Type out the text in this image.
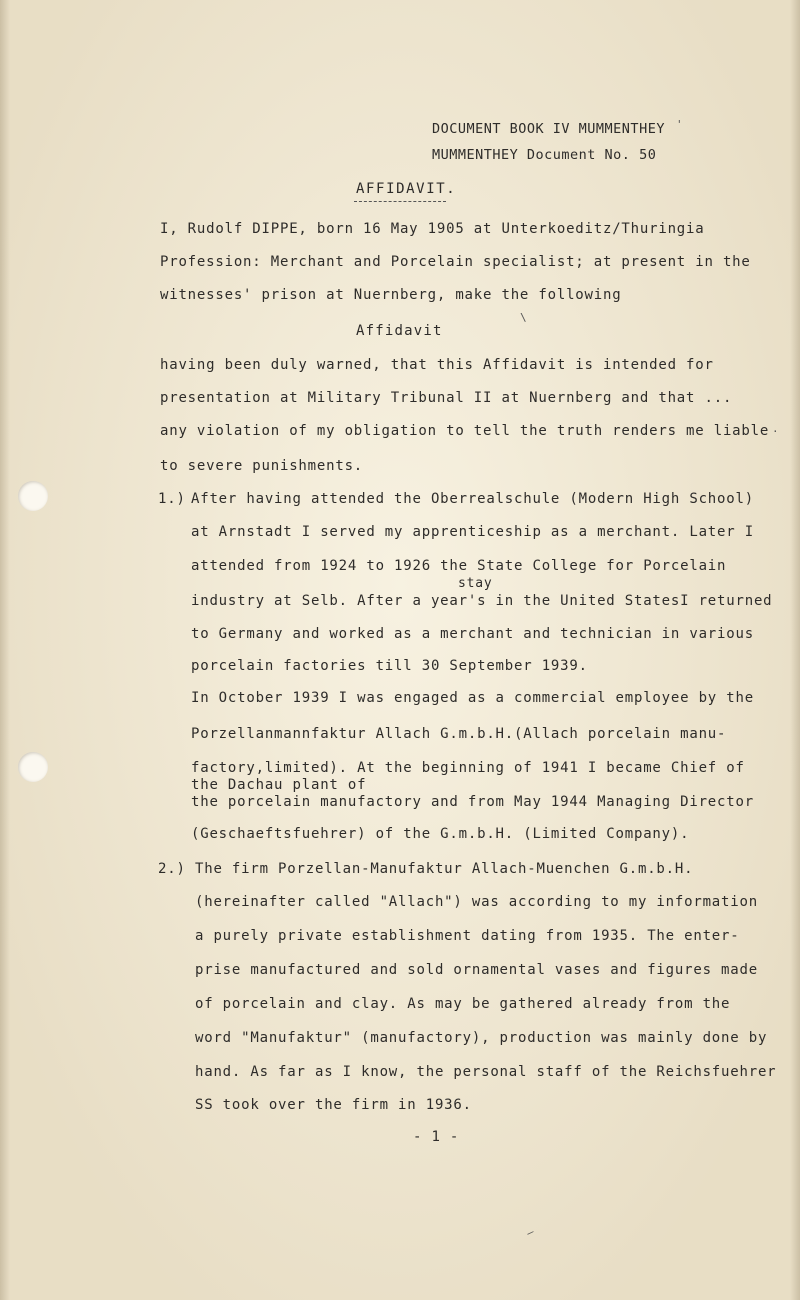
DOCUMENT BOOK IV MUMMENTHEY
MUMMENTHEY Document No. 50
AFFIDAVIT.
I, Rudolf DIPPE, born 16 May 1905 at Unterkoeditz/Thuringia
Profession: Merchant and Porcelain specialist; at present in the
witnesses' prison at Nuernberg, make the following
Affidavit
\
having been duly warned, that this Affidavit is intended for
presentation at Military Tribunal II at Nuernberg and that ...
any violation of my obligation to tell the truth renders me liable
to severe punishments.
1.) After having attended the Oberrealschule (Modern High School)
at Arnstadt I served my apprenticeship as a merchant. Later I
attended from 1924 to 1926 the State College for Porcelain
stay
industry at Selb. After a year's in the United StatesI returned
to Germany and worked as a merchant and technician in various
porcelain factories till 30 September 1939.
In October 1939 I was engaged as a commercial employee by the
Porzellanmannfaktur Allach G.m.b.H.(Allach porcelain manu-
factory,limited). At the beginning of 1941 I became Chief of
the Dachau plant of
the porcelain manufactory and from May 1944 Managing Director
(Geschaeftsfuehrer) of the G.m.b.H. (Limited Company).
2.) The firm Porzellan-Manufaktur Allach-Muenchen G.m.b.H.
(hereinafter called "Allach") was according to my information
a purely private establishment dating from 1935. The enter-
prise manufactured and sold ornamental vases and figures made
of porcelain and clay. As may be gathered already from the
word "Manufaktur" (manufactory), production was mainly done by
hand. As far as I know, the personal staff of the Reichsfuehrer
SS took over the firm in 1936.
- 1 -
'
·
—
